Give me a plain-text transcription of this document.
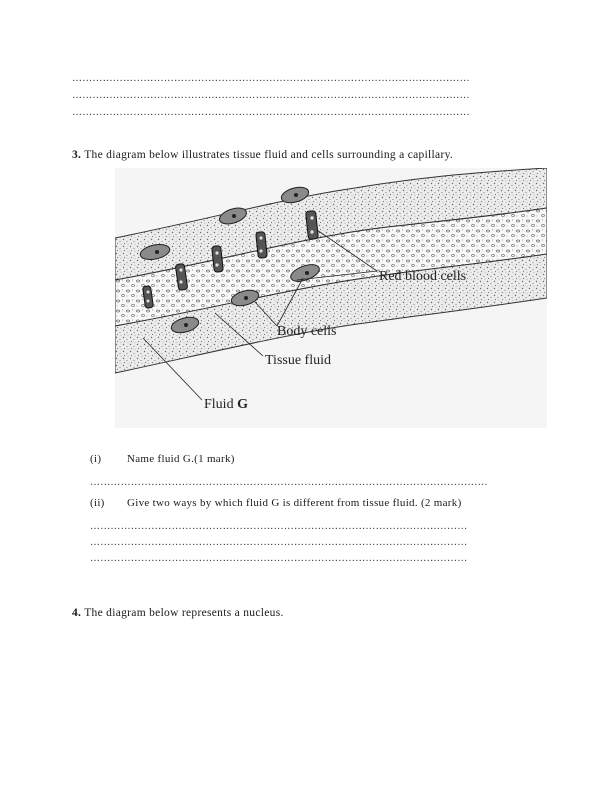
………………………………………………………………………………………………………
………………………………………………………………………………………………………
………………………………………………………………………………………………………
3. The diagram below illustrates tissue fluid and cells surrounding a capillary.
Red blood cells
Body cells
Tissue fluid
Fluid G
(i) Name fluid G.(1 mark)
………………………………………………………………………………………………………
(ii) Give two ways by which fluid G is different from tissue fluid. (2 mark)
…………………………………………………………………………………………………
…………………………………………………………………………………………………
…………………………………………………………………………………………………
4. The diagram below represents a nucleus.
